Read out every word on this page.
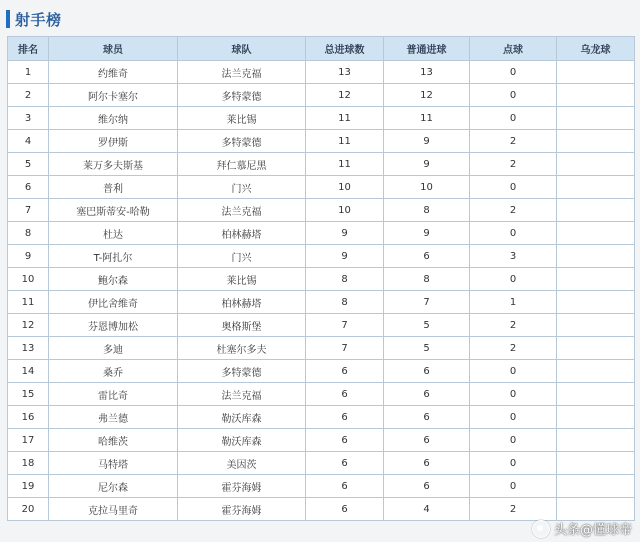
射手榜
排名	球员	球队	总进球数	普通进球	点球	乌龙球
1	约维奇	法兰克福	13	13	0	
2	阿尔卡塞尔	多特蒙德	12	12	0	
3	维尔纳	莱比锡	11	11	0	
4	罗伊斯	多特蒙德	11	9	2	
5	莱万多夫斯基	拜仁慕尼黑	11	9	2	
6	普利	门兴	10	10	0	
7	塞巴斯蒂安-哈勒	法兰克福	10	8	2	
8	杜达	柏林赫塔	9	9	0	
9	T-阿扎尔	门兴	9	6	3	
10	鲍尔森	莱比锡	8	8	0	
11	伊比舍维奇	柏林赫塔	8	7	1	
12	芬恩博加松	奥格斯堡	7	5	2	
13	多迪	杜塞尔多夫	7	5	2	
14	桑乔	多特蒙德	6	6	0	
15	雷比奇	法兰克福	6	6	0	
16	弗兰德	勒沃库森	6	6	0	
17	哈维茨	勒沃库森	6	6	0	
18	马特塔	美因茨	6	6	0	
19	尼尔森	霍芬海姆	6	6	0	
20	克拉马里奇	霍芬海姆	6	4	2	
头条@懂球帝
